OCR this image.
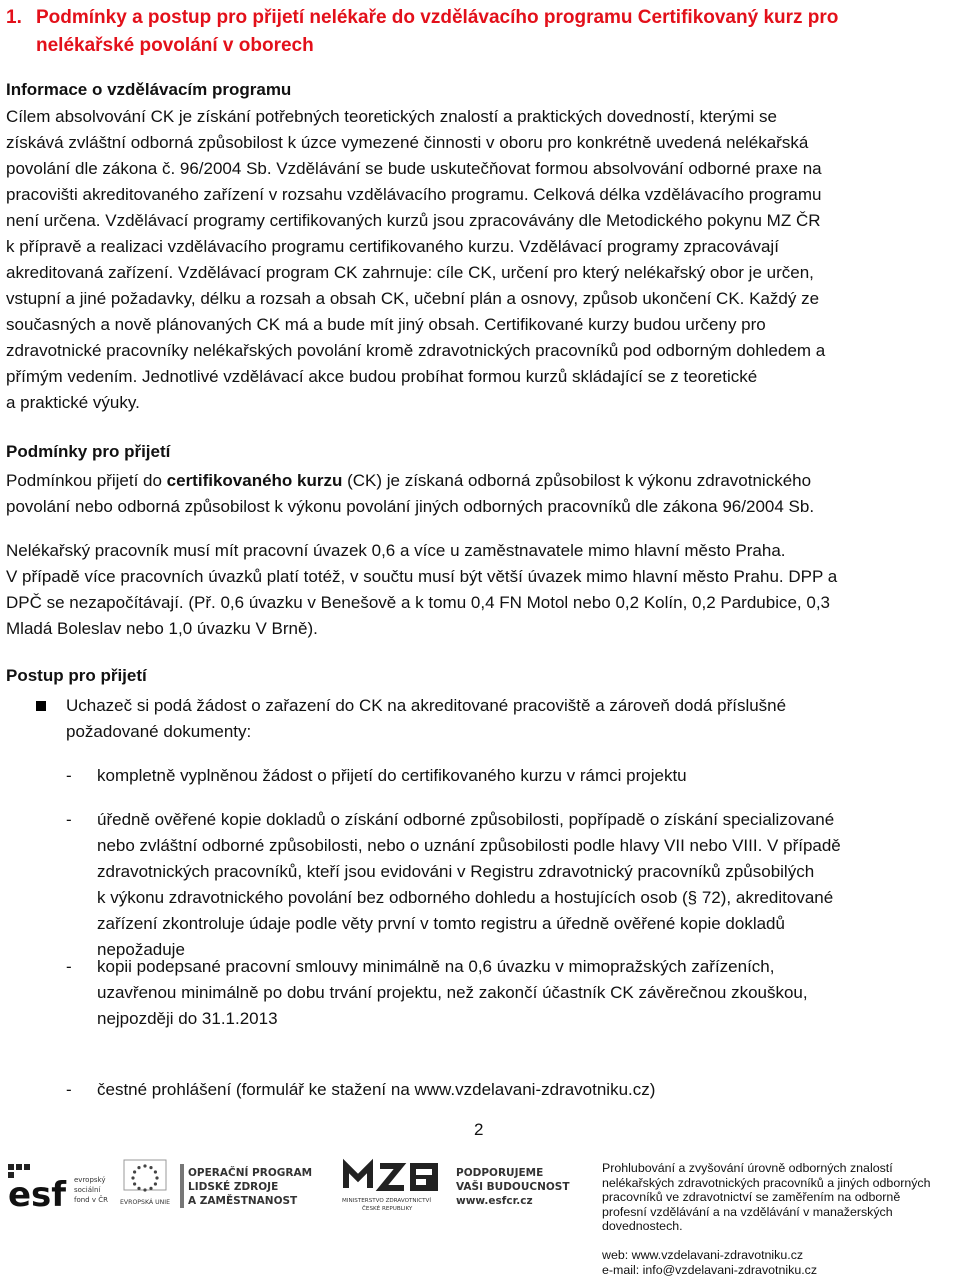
1. Podmínky a postup pro přijetí nelékaře do vzdělávacího programu Certifikovaný kurz pro
nelékařské povolání v oborech
Informace o vzdělávacím programu
Cílem absolvování CK je získání potřebných teoretických znalostí a praktických dovedností, kterými se
získává zvláštní odborná způsobilost k úzce vymezené činnosti v oboru pro konkrétně uvedená nelékařská
povolání dle zákona č. 96/2004 Sb. Vzdělávání se bude uskutečňovat formou absolvování odborné praxe na
pracovišti akreditovaného zařízení v rozsahu vzdělávacího programu. Celková délka vzdělávacího programu
není určena. Vzdělávací programy certifikovaných kurzů jsou zpracovávány dle Metodického pokynu MZ ČR
k přípravě a realizaci vzdělávacího programu certifikovaného kurzu. Vzdělávací programy zpracovávají
akreditovaná zařízení. Vzdělávací program CK zahrnuje: cíle CK, určení pro který nelékařský obor je určen,
vstupní a jiné požadavky, délku a rozsah a obsah CK, učební plán a osnovy, způsob ukončení CK. Každý ze
současných a nově plánovaných CK má a bude mít jiný obsah. Certifikované kurzy budou určeny pro
zdravotnické pracovníky nelékařských povolání kromě zdravotnických pracovníků pod odborným dohledem a
přímým vedením. Jednotlivé vzdělávací akce budou probíhat formou kurzů skládající se z teoretické
a praktické výuky.
Podmínky pro přijetí
Podmínkou přijetí do certifikovaného kurzu (CK) je získaná odborná způsobilost k výkonu zdravotnického
povolání nebo odborná způsobilost k výkonu povolání jiných odborných pracovníků dle zákona 96/2004 Sb.
Nelékařský pracovník musí mít pracovní úvazek 0,6 a více u zaměstnavatele mimo hlavní město Praha.
V případě více pracovních úvazků platí totéž, v součtu musí být větší úvazek mimo hlavní město Prahu. DPP a
DPČ se nezapočítávají. (Př. 0,6 úvazku v Benešově a k tomu 0,4 FN Motol nebo 0,2 Kolín, 0,2 Pardubice, 0,3
Mladá Boleslav nebo 1,0 úvazku V Brně).
Postup pro přijetí
Uchazeč si podá žádost o zařazení do CK na akreditované pracoviště a zároveň dodá příslušné
požadované dokumenty:
- kompletně vyplněnou žádost o přijetí do certifikovaného kurzu v rámci projektu
- úředně ověřené kopie dokladů o získání odborné způsobilosti, popřípadě o získání specializované
nebo zvláštní odborné způsobilosti, nebo o uznání způsobilosti podle hlavy VII nebo VIII. V případě
zdravotnických pracovníků, kteří jsou evidováni v Registru zdravotnický pracovníků způsobilých
k výkonu zdravotnického povolání bez odborného dohledu a hostujících osob (§ 72), akreditované
zařízení zkontroluje údaje podle věty první v tomto registru a úředně ověřené kopie dokladů
nepožaduje
- kopii podepsané pracovní smlouvy minimálně na 0,6 úvazku v mimopražských zařízeních,
uzavřenou minimálně po dobu trvání projektu, než zakončí účastník CK závěrečnou zkouškou,
nejpozději do 31.1.2013
- čestné prohlášení (formulář ke stažení na www.vzdelavani-zdravotniku.cz)
2
esf evropský
sociální
fond v ČR EVROPSKÁ UNIE
OPERAČNÍ PROGRAM
LIDSKÉ ZDROJE
A ZAMĚSTNANOST	MINISTERSTVO ZDRAVOTNICTVÍ
ČESKÉ REPUBLIKY
PODPORUJEME
VAŠI BUDOUCNOST
www.esfcr.cz
Prohlubování a zvyšování úrovně odborných znalostí
nelékařských zdravotnických pracovníků a jiných odborných
pracovníků ve zdravotnictví se zaměřením na odborně
profesní vzdělávání a na vzdělávání v manažerských
dovednostech.
web: www.vzdelavani-zdravotniku.cz
e-mail: info@vzdelavani-zdravotniku.cz
